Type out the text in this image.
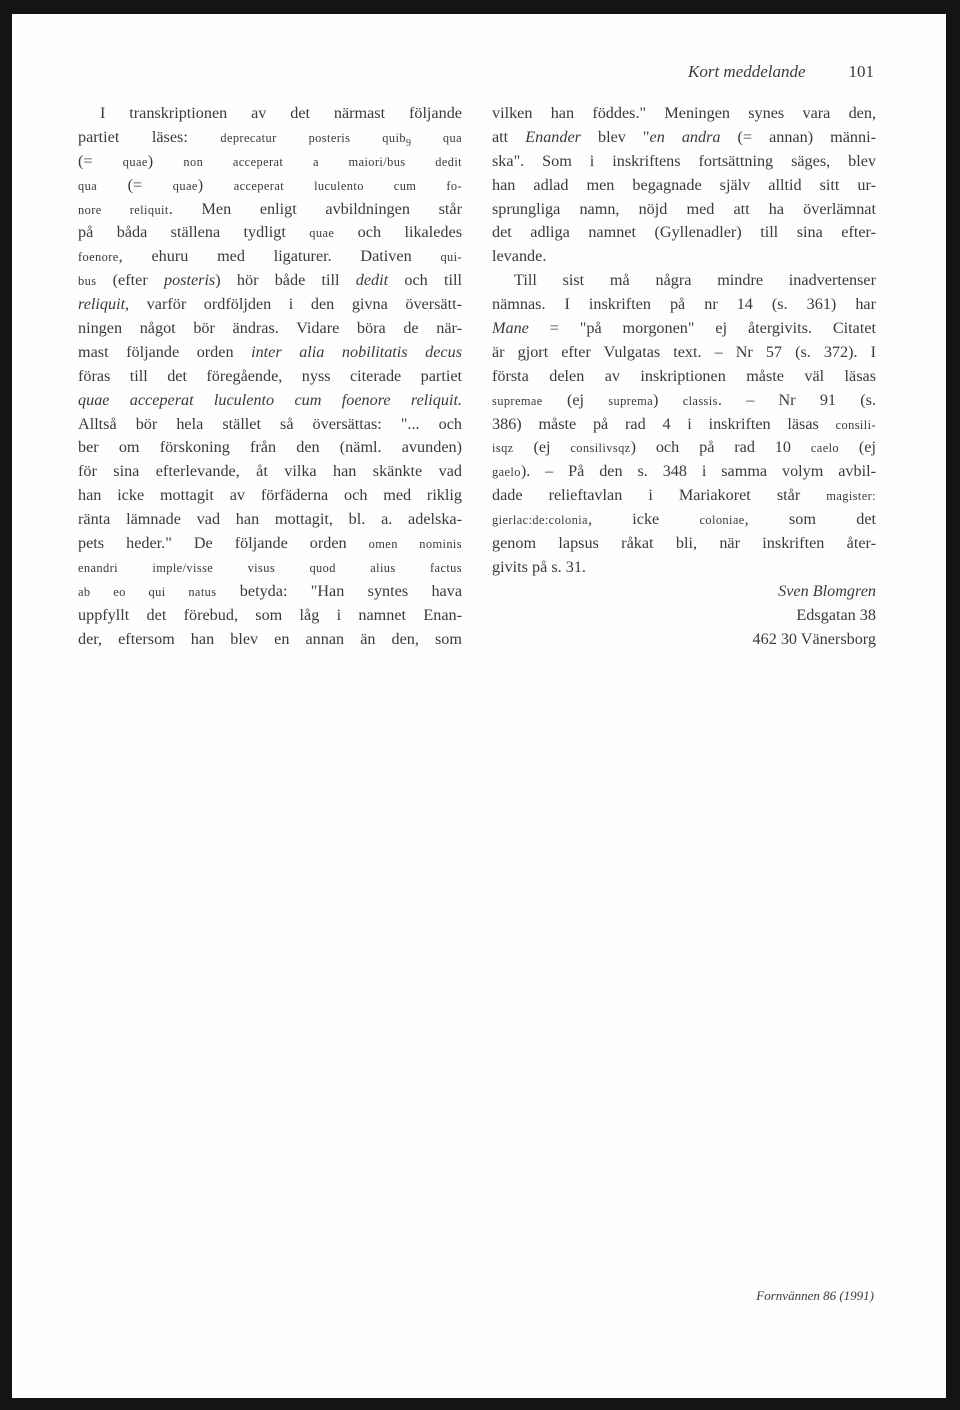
Kort meddelande	101
I transkriptionen av det närmast följande
partiet läses: deprecatur posteris quib$_9$ qua
(= quae) non acceperat a maiori/bus dedit
qua (= quae) acceperat luculento cum fo-
nore reliquit. Men enligt avbildningen står
på båda ställena tydligt quae och likaledes
foenore, ehuru med ligaturer. Dativen qui-
bus (efter posteris) hör både till dedit och till
reliquit, varför ordföljden i den givna översätt-
ningen något bör ändras. Vidare böra de när-
mast följande orden inter alia nobilitatis decus
föras till det föregående, nyss citerade partiet
quae acceperat luculento cum foenore reliquit.
Alltså bör hela stället så översättas: "... och
ber om förskoning från den (näml. avunden)
för sina efterlevande, åt vilka han skänkte vad
han icke mottagit av förfäderna och med riklig
ränta lämnade vad han mottagit, bl. a. adelska-
pets heder." De följande orden omen nominis
enandri imple/visse visus quod alius factus
ab eo qui natus betyda: "Han syntes hava
uppfyllt det förebud, som låg i namnet Enan-
der, eftersom han blev en annan än den, som
vilken han föddes." Meningen synes vara den,
att Enander blev "en andra (= annan) männi-
ska". Som i inskriftens fortsättning säges, blev
han adlad men begagnade själv alltid sitt ur-
sprungliga namn, nöjd med att ha överlämnat
det adliga namnet (Gyllenadler) till sina efter-
levande.
Till sist må några mindre inadvertenser
nämnas. I inskriften på nr 14 (s. 361) har
Mane = "på morgonen" ej återgivits. Citatet
är gjort efter Vulgatas text. – Nr 57 (s. 372). I
första delen av inskriptionen måste väl läsas
supremae (ej suprema) classis. – Nr 91 (s.
386) måste på rad 4 i inskriften läsas consili-
isqz (ej consilivsqz) och på rad 10 caelo (ej
gaelo). – På den s. 348 i samma volym avbil-
dade relieftavlan i Mariakoret står magister:
gierlac:de:colonia, icke coloniae, som det
genom lapsus råkat bli, när inskriften åter-
givits på s. 31.
Sven Blomgren
Edsgatan 38
462 30 Vänersborg
Fornvännen 86 (1991)
